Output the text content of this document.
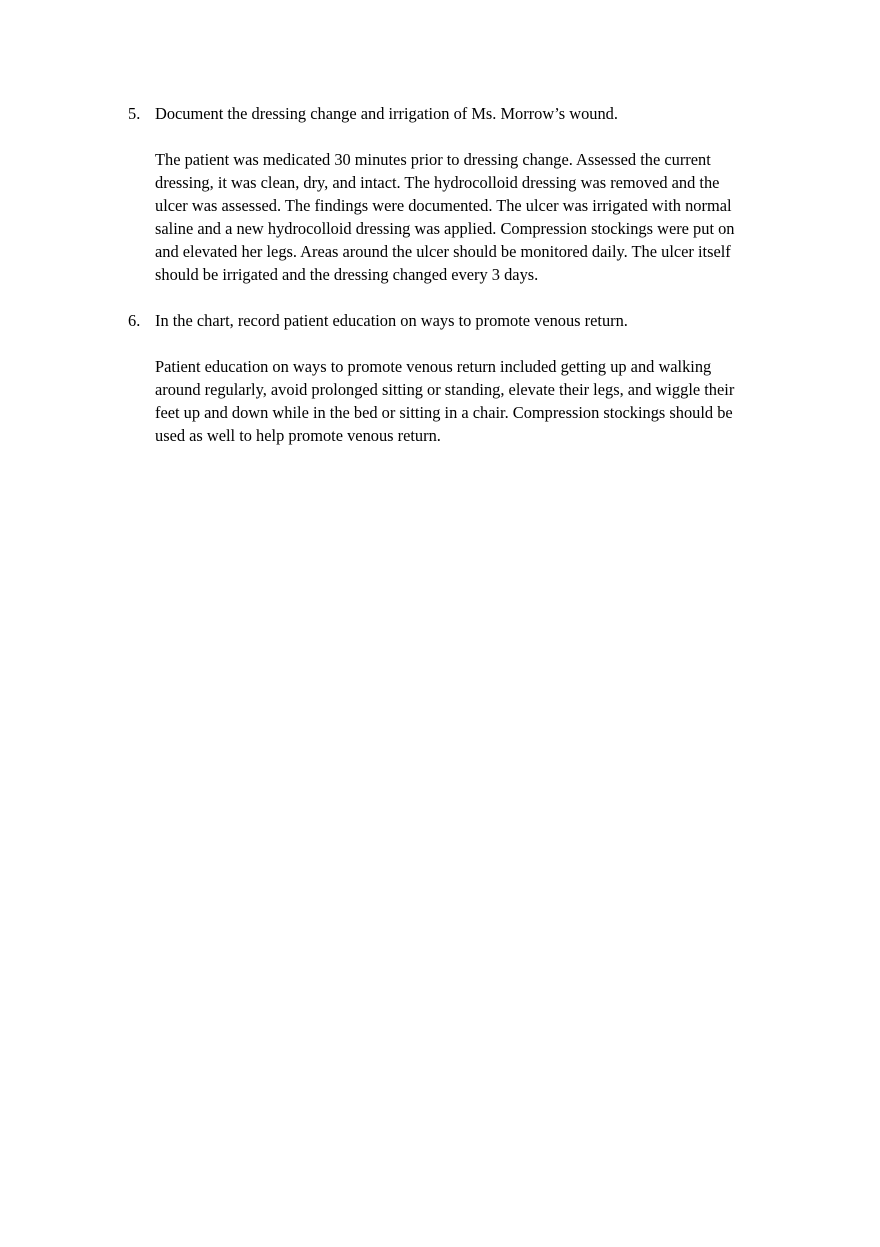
5. Document the dressing change and irrigation of Ms. Morrow’s wound.
The patient was medicated 30 minutes prior to dressing change. Assessed the current
dressing, it was clean, dry, and intact. The hydrocolloid dressing was removed and the
ulcer was assessed. The findings were documented. The ulcer was irrigated with normal
saline and a new hydrocolloid dressing was applied. Compression stockings were put on
and elevated her legs. Areas around the ulcer should be monitored daily. The ulcer itself
should be irrigated and the dressing changed every 3 days.
6. In the chart, record patient education on ways to promote venous return.
Patient education on ways to promote venous return included getting up and walking
around regularly, avoid prolonged sitting or standing, elevate their legs, and wiggle their
feet up and down while in the bed or sitting in a chair. Compression stockings should be
used as well to help promote venous return.
